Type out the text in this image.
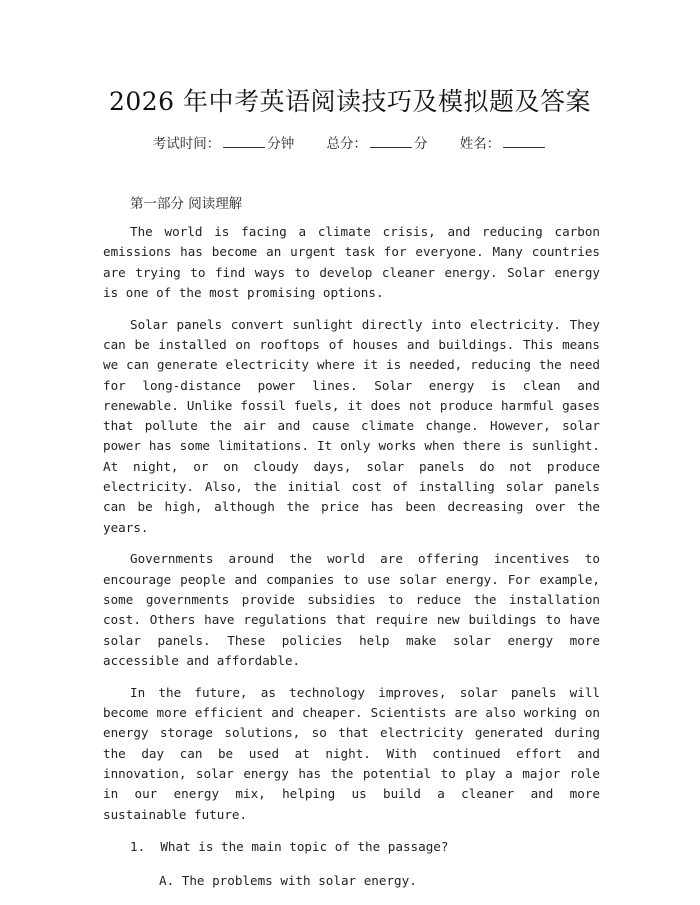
2026 年中考英语阅读技巧及模拟题及答案
考试时间：	分钟 总分：	分 姓名：
第一部分 阅读理解

The world is facing a climate crisis, and reducing carbon emissions has become an urgent task for everyone. Many countries are trying to find ways to develop cleaner energy. Solar energy is one of the most promising options.

Solar panels convert sunlight directly into electricity. They can be installed on rooftops of houses and buildings. This means we can generate electricity where it is needed, reducing the need for long-distance power lines. Solar energy is clean and renewable. Unlike fossil fuels, it does not produce harmful gases that pollute the air and cause climate change. However, solar power has some limitations. It only works when there is sunlight. At night, or on cloudy days, solar panels do not produce electricity. Also, the initial cost of installing solar panels can be high, although the price has been decreasing over the years.

Governments around the world are offering incentives to encourage people and companies to use solar energy. For example, some governments provide subsidies to reduce the installation cost. Others have regulations that require new buildings to have solar panels. These policies help make solar energy more accessible and affordable.

In the future, as technology improves, solar panels will become more efficient and cheaper. Scientists are also working on energy storage solutions, so that electricity generated during the day can be used at night. With continued effort and innovation, solar energy has the potential to play a major role in our energy mix, helping us build a cleaner and more sustainable future.

1. What is the main topic of the passage?
A. The problems with solar energy.
